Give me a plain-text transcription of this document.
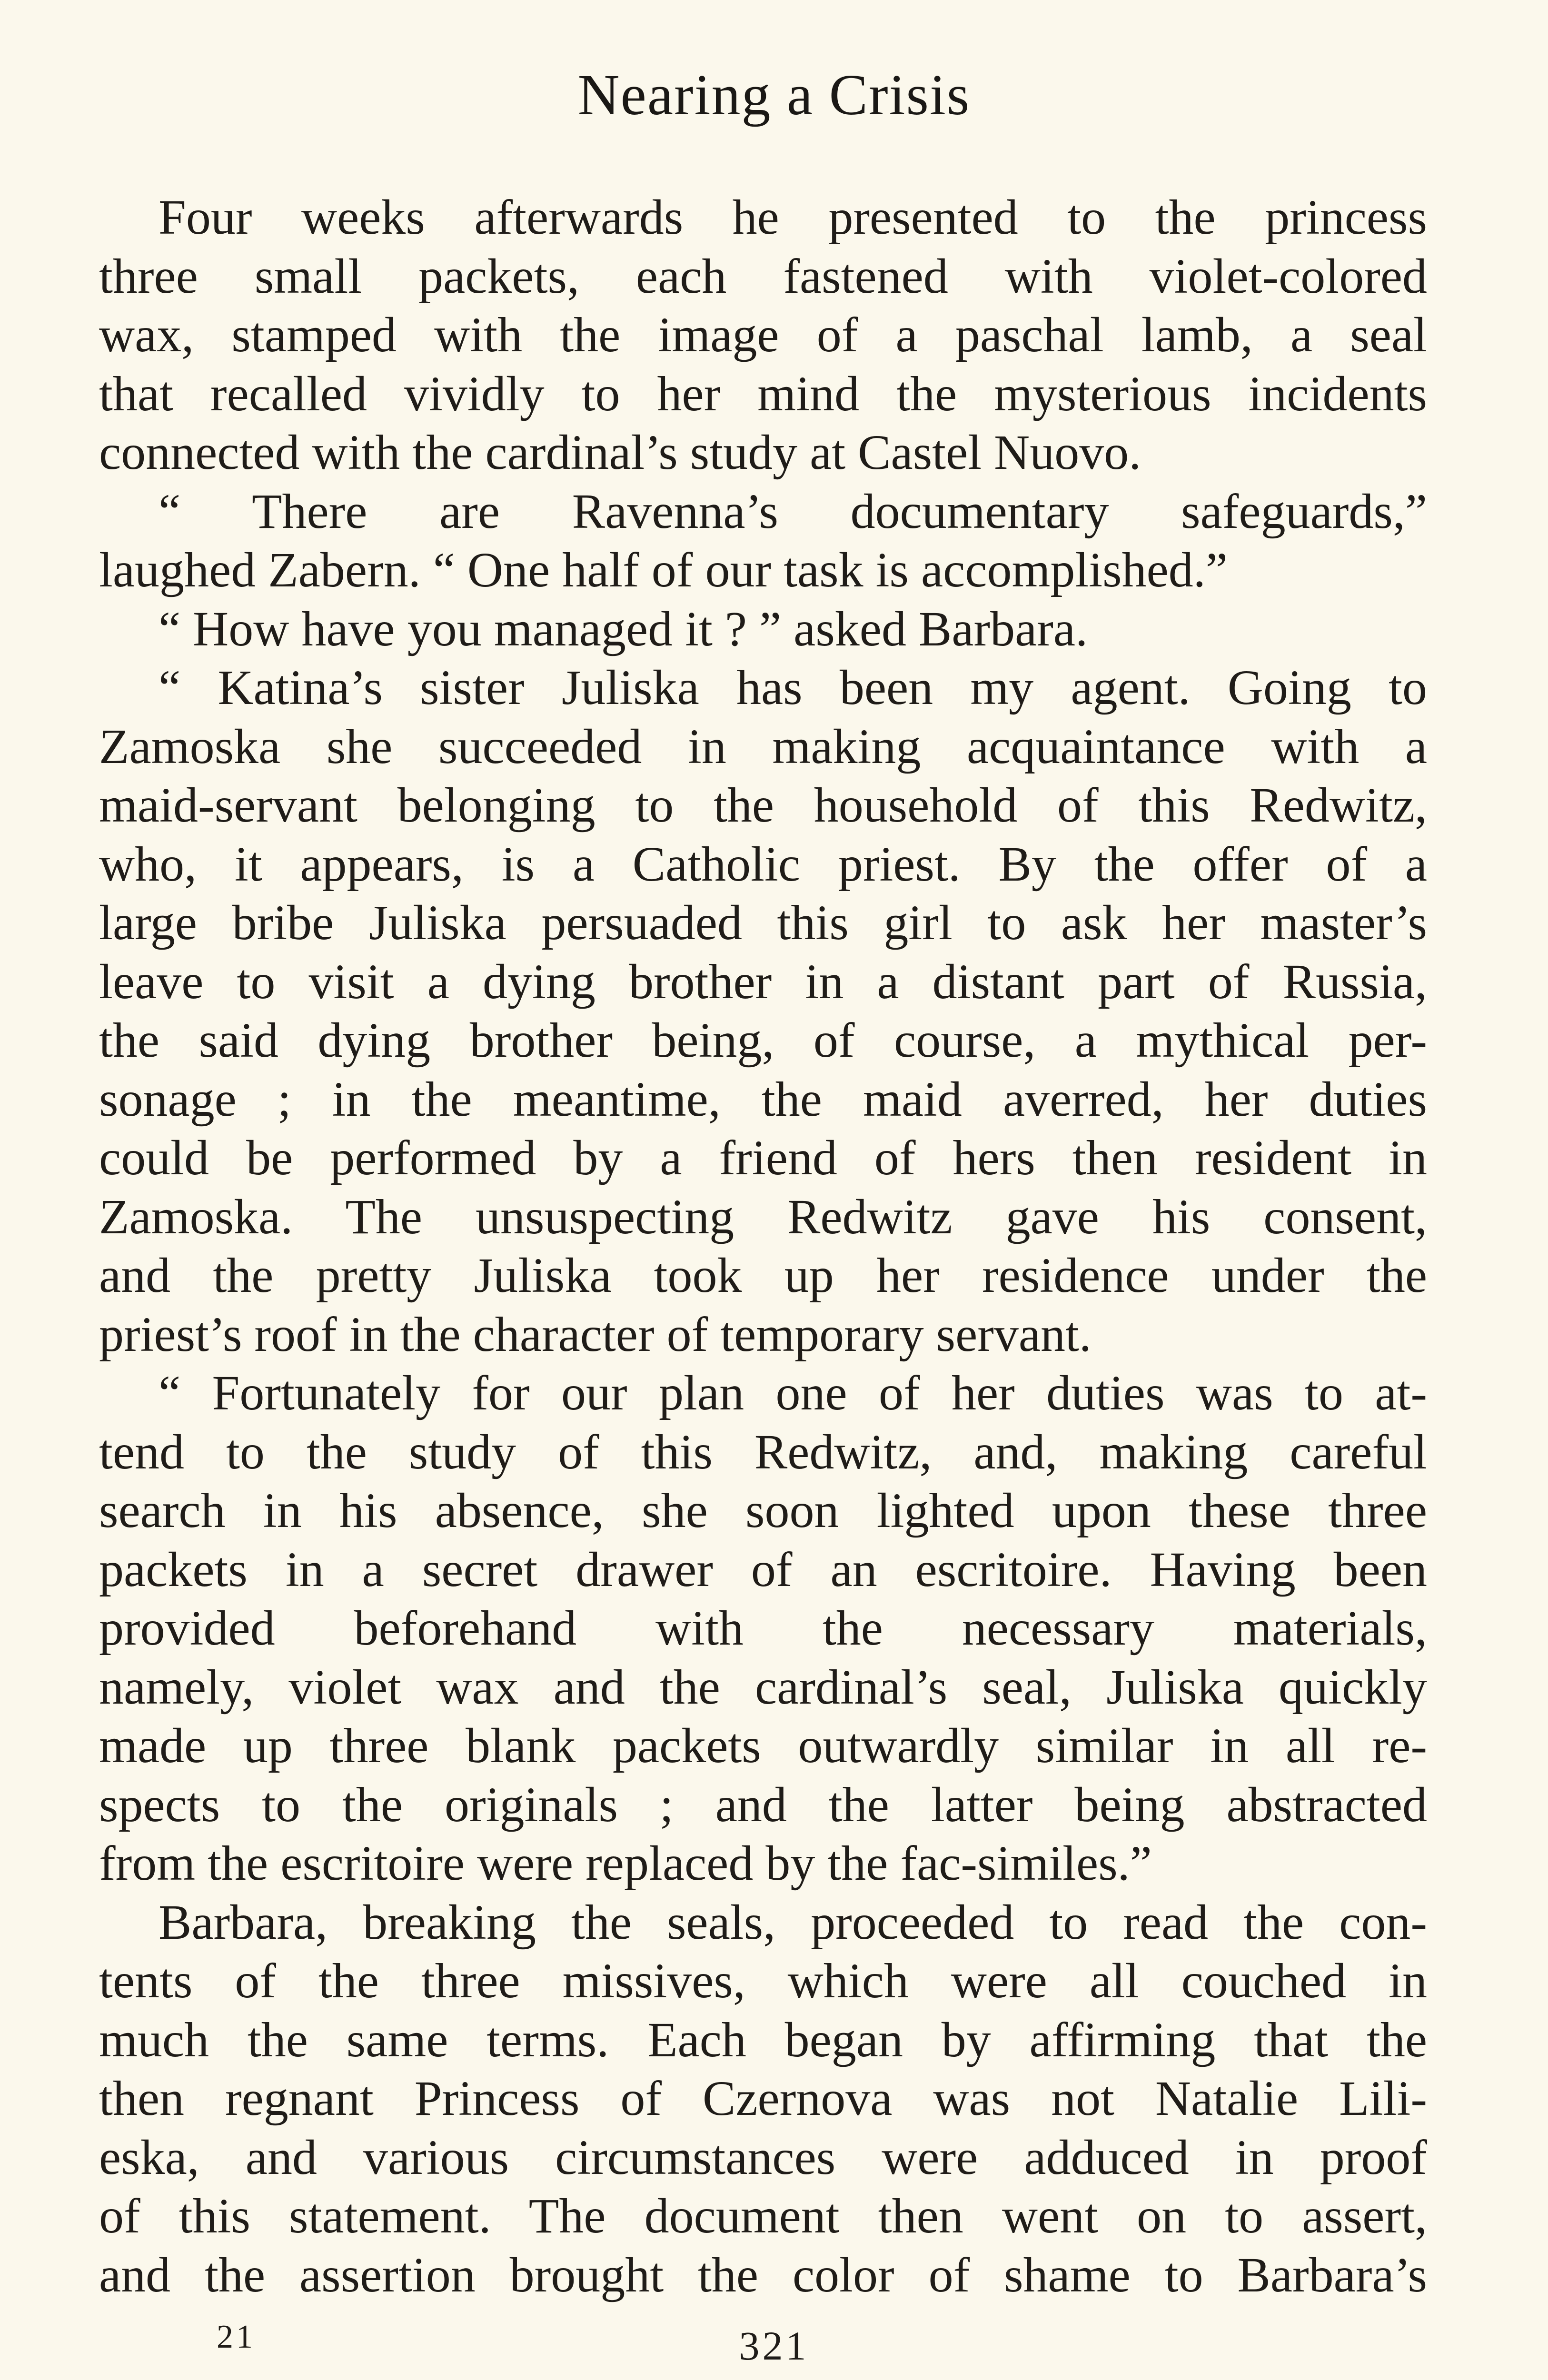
Nearing a Crisis
Four weeks afterwards he presented to the princess
three small packets, each fastened with violet-colored
wax, stamped with the image of a paschal lamb, a seal
that recalled vividly to her mind the mysterious incidents
connected with the cardinal’s study at Castel Nuovo.
“ There are Ravenna’s documentary safeguards,”
laughed Zabern. “ One half of our task is accomplished.”
“ How have you managed it ? ” asked Barbara.
“ Katina’s sister Juliska has been my agent. Going to
Zamoska she succeeded in making acquaintance with a
maid-servant belonging to the household of this Redwitz,
who, it appears, is a Catholic priest. By the offer of a
large bribe Juliska persuaded this girl to ask her master’s
leave to visit a dying brother in a distant part of Russia,
the said dying brother being, of course, a mythical per-
sonage ; in the meantime, the maid averred, her duties
could be performed by a friend of hers then resident in
Zamoska. The unsuspecting Redwitz gave his consent,
and the pretty Juliska took up her residence under the
priest’s roof in the character of temporary servant.
“ Fortunately for our plan one of her duties was to at-
tend to the study of this Redwitz, and, making careful
search in his absence, she soon lighted upon these three
packets in a secret drawer of an escritoire. Having been
provided beforehand with the necessary materials,
namely, violet wax and the cardinal’s seal, Juliska quickly
made up three blank packets outwardly similar in all re-
spects to the originals ; and the latter being abstracted
from the escritoire were replaced by the fac-similes.”
Barbara, breaking the seals, proceeded to read the con-
tents of the three missives, which were all couched in
much the same terms. Each began by affirming that the
then regnant Princess of Czernova was not Natalie Lili-
eska, and various circumstances were adduced in proof
of this statement. The document then went on to assert,
and the assertion brought the color of shame to Barbara’s
21	321
